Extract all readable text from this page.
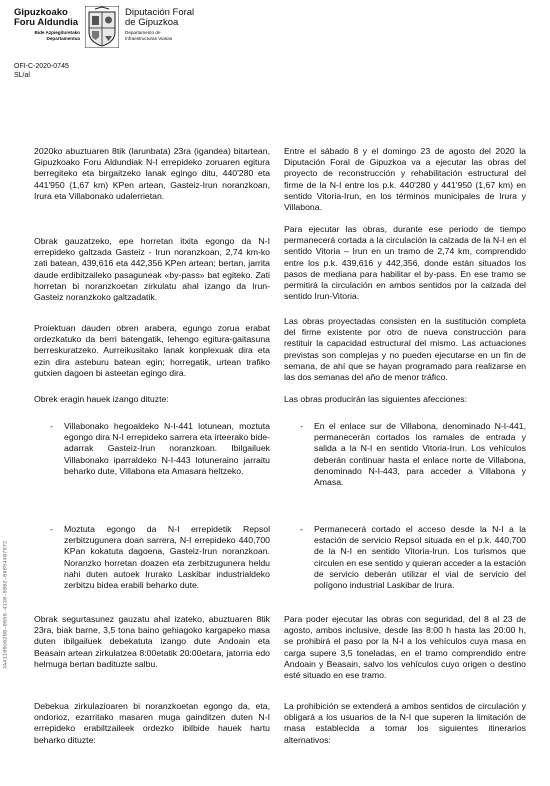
Gipuzkoako
Foru Aldundia
Bide Azpiegituretako
Departamentua
Diputación Foral
de Gipuzkoa
Departamento de
Infraestructuras Viarias
OFI-C-2020-0745
SL/al
JAA1160a6260-0659-4130-8062-09854407872
2020ko abuztuaren 8tik (larunbata) 23ra (igandea) bitartean, Gipuzkoako Foru Aldundiak N-I errepideko zoruaren egitura berregiteko eta birgaitzeko lanak egingo ditu, 440'280 eta 441'950 (1,67 km) KPen artean, Gasteiz-Irun noranzkoan, Irura eta Villabonako udalerrietan.
Obrak gauzatzeko, epe horretan itxita egongo da N-I errepideko galtzada Gasteiz - Irun noranzkoan, 2,74 km-ko zati batean, 439,616 eta 442,356 KPen artean; bertan, jarrita daude erdibitzaileko pasaguneak «by-pass» bat egiteko. Zati horretan bi noranzkoetan zirkulatu ahal izango da Irun-Gasteiz noranzkoko galtzadatik.
Proiektuan dauden obren arabera, egungo zorua erabat ordezkatuko da berri batengatik, lehengo egitura-gaitasuna berreskuratzeko. Aurreikusitako lanak konplexuak dira eta ezin dira asteburu batean egin; horregatik, urtean trafiko gutxien dagoen bi asteetan egingo dira.
Obrek eragin hauek izango dituzte:
- Villabonako hegoaldeko N-I-441 lotunean, moztuta egongo dira N-I errepideko sarrera eta irteerako bide-adarrak Gasteiz-Irun noranzkoan. Ibilgailuek Villabonako iparraldeko N-I-443 lotuneraino jarraitu beharko dute, Villabona eta Amasara heltzeko.
- Moztuta egongo da N-I errepidetik Repsol zerbitzugunera doan sarrera, N-I errepideko 440,700 KPan kokatuta dagoena, Gasteiz-Irun noranzkoan. Noranzko horretan doazen eta zerbitzugunera heldu nahi duten autoek Irurako Laskibar industrialdeko zerbitzu bidea erabili beharko dute.
Obrak segurtasunez gauzatu ahal izateko, abuztuaren 8tik 23ra, biak barne, 3,5 tona baino gehiagoko kargapeko masa duten ibilgailuek debekatuta izango dute Andoain eta Beasain artean zirkulatzea 8:00etatik 20:00etara, jatorria edo helmuga bertan badituzte salbu.
Debekua zirkulazioaren bi noranzkoetan egongo da, eta, ondorioz, ezarritako masaren muga gainditzen duten N-I errepideko erabiltzaileek ordezko ibilbide hauek hartu beharko dituzte:
Entre el sábado 8 y el domingo 23 de agosto del 2020 la Diputación Foral de Gipuzkoa va a ejecutar las obras del proyecto de reconstrucción y rehabilitación estructural del firme de la N-I entre los p.k. 440'280 y 441'950 (1,67 km) en sentido Vitoria-Irun, en los términos municipales de Irura y Villabona.
Para ejecutar las obras, durante ese periodo de tiempo permanecerá cortada a la circulación la calzada de la N-I en el sentido Vitoria – Irun en un tramo de 2,74 km, comprendido entre los p.k. 439,616 y 442,356, donde están situados los pasos de mediana para habilitar el by-pass. En ese tramo se permitirá la circulación en ambos sentidos por la calzada del sentido Irun-Vitoria.
Las obras proyectadas consisten en la sustitución completa del firme existente por otro de nueva construcción para restituir la capacidad estructural del mismo. Las actuaciones previstas son complejas y no pueden ejecutarse en un fin de semana, de ahí que se hayan programado para realizarse en las dos semanas del año de menor tráfico.
Las obras producirán las siguientes afecciones:
- En el enlace sur de Villabona, denominado N-I-441, permanecerán cortados los ramales de entrada y salida a la N-I en sentido Vitoria-Irun. Los vehículos deberán continuar hasta el enlace norte de Villabona, denominado N-I-443, para acceder a Villabona y Amasa.
- Permanecerá cortado el acceso desde la N-I a la estación de servicio Repsol situada en el p.k. 440,700 de la N-I en sentido Vitoria-Irun. Los turismos que circulen en ese sentido y quieran acceder a la estación de servicio deberán utilizar el vial de servicio del polígono industrial Laskibar de Irura.
Para poder ejecutar las obras con seguridad, del 8 al 23 de agosto, ambos inclusive, desde las 8:00 h hasta las 20:00 h, se prohibirá el paso por la N-I a los vehículos cuya masa en carga supere 3,5 toneladas, en el tramo comprendido entre Andoain y Beasain, salvo los vehículos cuyo origen o destino esté situado en ese tramo.
La prohibición se extenderá a ambos sentidos de circulación y obligará a los usuarios de la N-I que superen la limitación de masa establecida a tomar los siguientes itinerarios alternativos:
